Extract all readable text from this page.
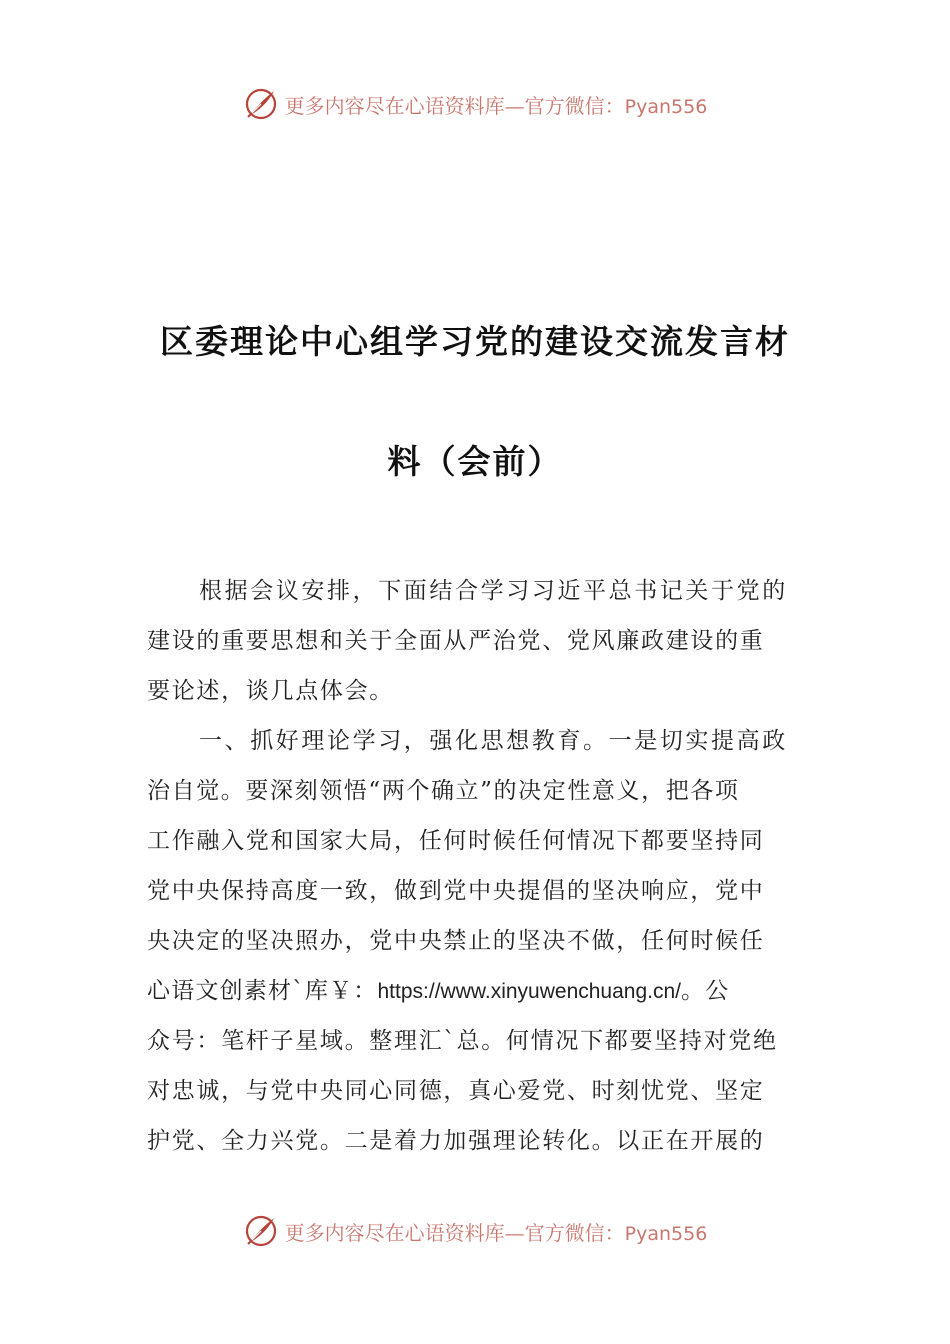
更多内容尽在心语资料库—官方微信：Pyan556
区委理论中心组学习党的建设交流发言材
料（会前）
根据会议安排，下面结合学习习近平总书记关于党的
建设的重要思想和关于全面从严治党、党风廉政建设的重
要论述，谈几点体会。
一、抓好理论学习，强化思想教育。一是切实提高政
治自觉。要深刻领悟“两个确立”的决定性意义，把各项
工作融入党和国家大局，任何时候任何情况下都要坚持同
党中央保持高度一致，做到党中央提倡的坚决响应，党中
央决定的坚决照办，党中央禁止的坚决不做，任何时候任
心语文创素材`库￥：https://www.xinyuwenchuang.cn/。公
众号：笔杆子星域。整理汇`总。何情况下都要坚持对党绝
对忠诚，与党中央同心同德，真心爱党、时刻忧党、坚定
护党、全力兴党。二是着力加强理论转化。以正在开展的
更多内容尽在心语资料库—官方微信：Pyan556
